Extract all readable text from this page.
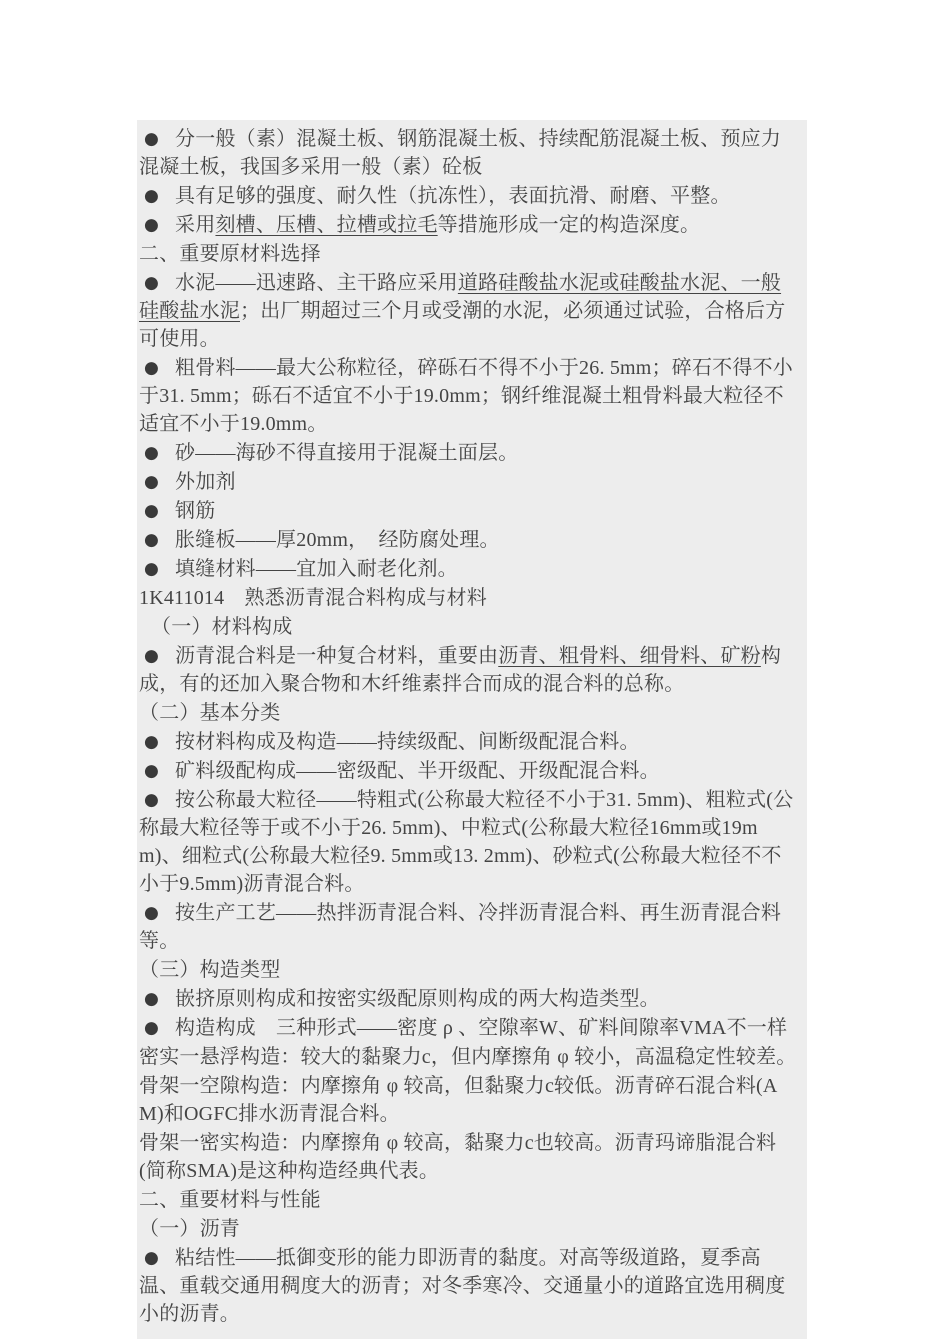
● 分一般（素）混凝土板、钢筋混凝土板、持续配筋混凝土板、预应力混凝土板，我国多采用一般（素）砼板

● 具有足够的强度、耐久性（抗冻性），表面抗滑、耐磨、平整。

● 采用刻槽、压槽、拉槽或拉毛等措施形成一定的构造深度。

二、重要原材料选择

● 水泥——迅速路、主干路应采用道路硅酸盐水泥或硅酸盐水泥、一般硅酸盐水泥；出厂期超过三个月或受潮的水泥，必须通过试验，合格后方可使用。

● 粗骨料——最大公称粒径，碎砾石不得不小于26. 5mm；碎石不得不小于31. 5mm；砾石不适宜不小于19.0mm；钢纤维混凝土粗骨料最大粒径不适宜不小于19.0mm。

● 砂——海砂不得直接用于混凝土面层。

● 外加剂

● 钢筋

● 胀缝板——厚20mm，　经防腐处理。

● 填缝材料——宜加入耐老化剂。

1K411014　熟悉沥青混合料构成与材料

（一）材料构成

● 沥青混合料是一种复合材料，重要由沥青、粗骨料、细骨料、矿粉构成，有的还加入聚合物和木纤维素拌合而成的混合料的总称。

（二）基本分类

● 按材料构成及构造——持续级配、间断级配混合料。

● 矿料级配构成——密级配、半开级配、开级配混合料。

● 按公称最大粒径——特粗式(公称最大粒径不小于31. 5mm)、粗粒式(公称最大粒径等于或不小于26. 5mm)、中粒式(公称最大粒径16mm或19mm)、细粒式(公称最大粒径9. 5mm或13. 2mm)、砂粒式(公称最大粒径不不小于9.5mm)沥青混合料。

● 按生产工艺——热拌沥青混合料、冷拌沥青混合料、再生沥青混合料等。

（三）构造类型

● 嵌挤原则构成和按密实级配原则构成的两大构造类型。

● 构造构成　三种形式——密度 ρ 、空隙率W、矿料间隙率VMA不一样

密实一悬浮构造：较大的黏聚力c，但内摩擦角 φ 较小，高温稳定性较差。

骨架一空隙构造：内摩擦角 φ 较高，但黏聚力c较低。沥青碎石混合料(AM)和OGFC排水沥青混合料。

骨架一密实构造：内摩擦角 φ 较高，黏聚力c也较高。沥青玛谛脂混合料(简称SMA)是这种构造经典代表。

二、重要材料与性能

（一）沥青

● 粘结性——抵御变形的能力即沥青的黏度。对高等级道路，夏季高温、重载交通用稠度大的沥青；对冬季寒冷、交通量小的道路宜选用稠度小的沥青。
